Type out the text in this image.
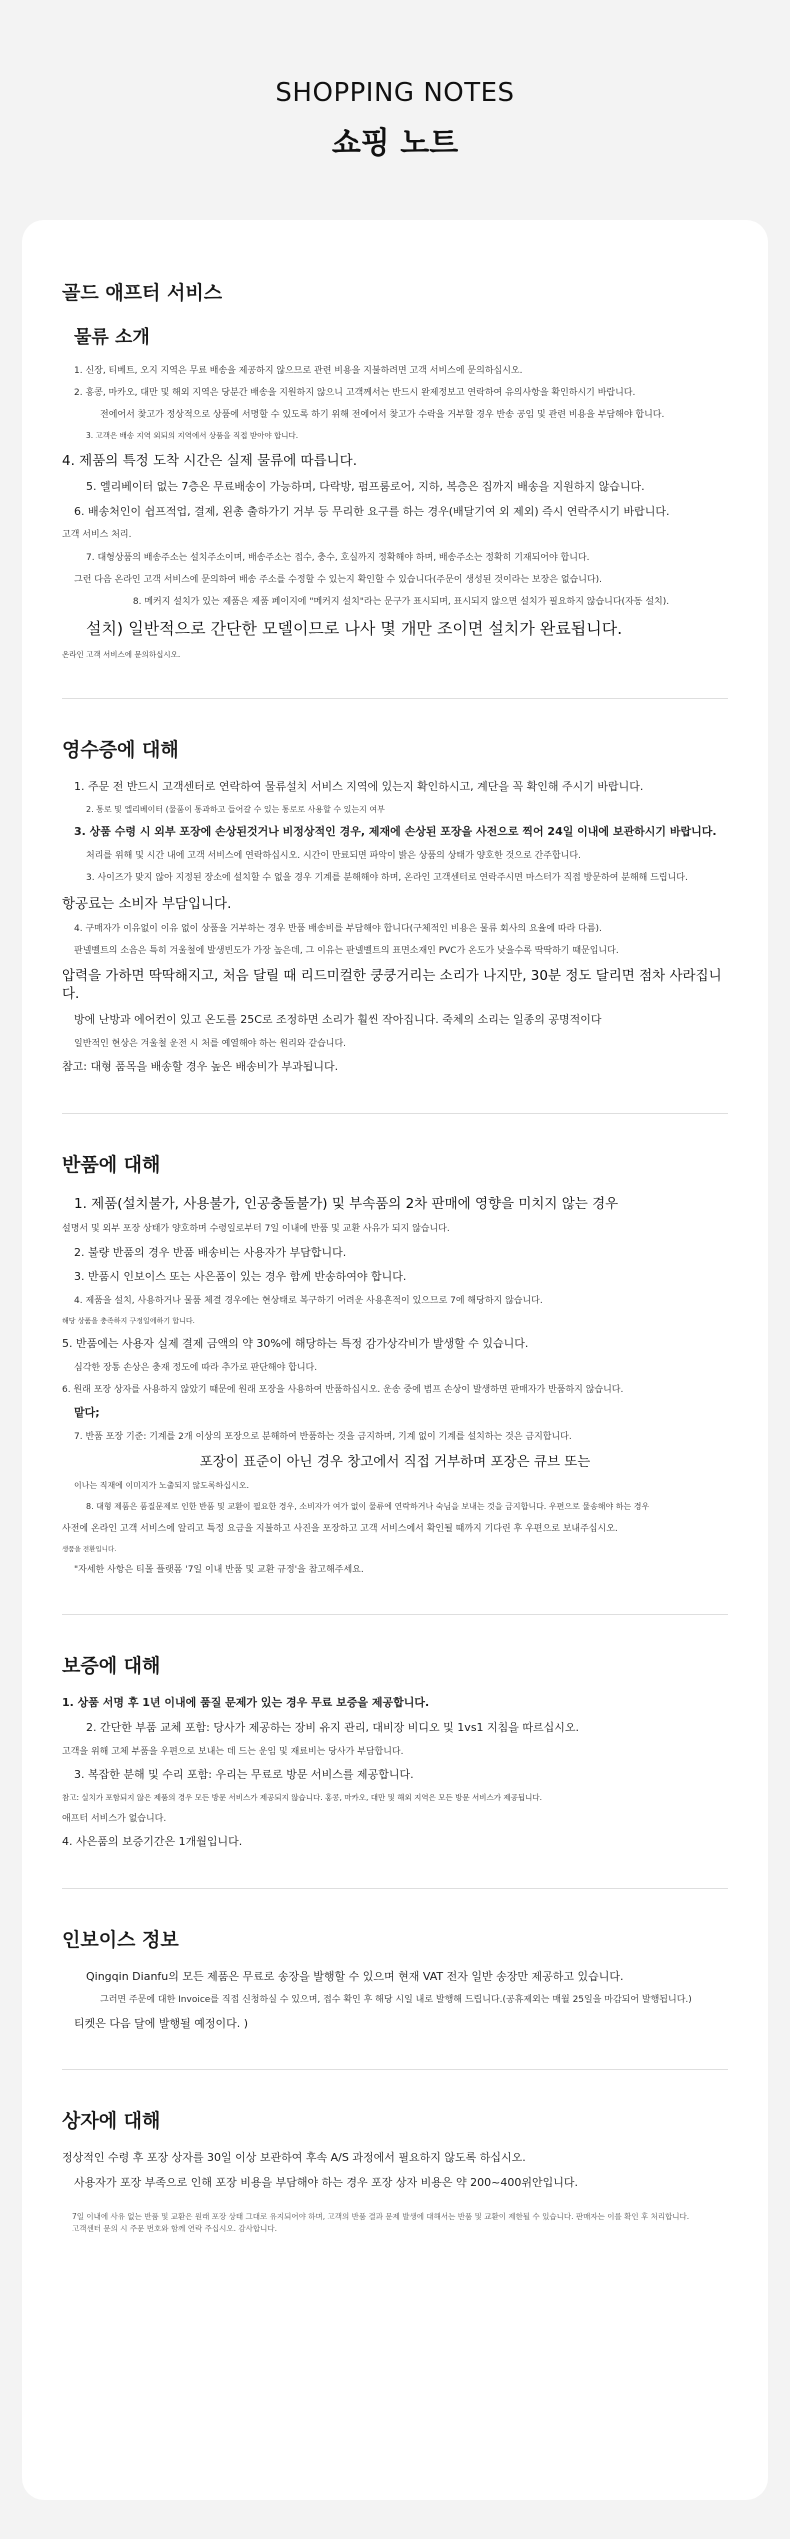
SHOPPING NOTES
쇼핑 노트
골드 애프터 서비스
물류 소개
1. 신장, 티베트, 오지 지역은 무료 배송을 제공하지 않으므로 관련 비용을 지불하려면 고객 서비스에 문의하십시오.
2. 홍콩, 마카오, 대만 및 해외 지역은 당분간 배송을 지원하지 않으니 고객께서는 반드시 완제정보고 연락하여 유의사항을 확인하시기 바랍니다.
전에어서 찾고가 정상적으로 상품에 서명할 수 있도록 하기 위해 전에어서 찾고가 수락을 거부할 경우 반송 공임 및 관련 비용을 부담해야 합니다.
3. 고객은 배송 지역 외되의 지역에서 상품을 직접 받아야 합니다.
4. 제품의 특정 도착 시간은 실제 물류에 따릅니다.
5. 엘리베이터 없는 7층은 무료배송이 가능하며, 다락방, 펌프룸로어, 지하, 복층은 집까지 배송을 지원하지 않습니다.
6. 배송처인이 쉽프적업, 결제, 왼총 출하가기 거부 등 무리한 요구를 하는 경우(배달기여 외 제외) 즉시 연락주시기 바랍니다.
고객 서비스 처리.
7. 대형상품의 배송주소는 설치주소이며, 배송주소는 접수, 충수, 호실까지 정확해야 하며, 배송주소는 정확히 기재되어야 합니다.
그런 다음 온라인 고객 서비스에 문의하여 배송 주소를 수정할 수 있는지 확인할 수 있습니다(주문이 생성된 것이라는 보장은 없습니다).
8. 메커지 설치가 있는 제품은 제품 페이지에 "메커지 설치"라는 문구가 표시되며, 표시되지 않으면 설치가 필요하지 않습니다(자동 설치).
설치) 일반적으로 간단한 모델이므로 나사 몇 개만 조이면 설치가 완료됩니다.
온라인 고객 서비스에 문의하십시오.
영수증에 대해
1. 주문 전 반드시 고객센터로 연락하여 물류설치 서비스 지역에 있는지 확인하시고, 계단을 꼭 확인해 주시기 바랍니다.
2. 통로 및 엘리베이터 (물품이 통과하고 들어갈 수 있는 통로로 사용할 수 있는지 여부
3. 상품 수령 시 외부 포장에 손상된것거나 비정상적인 경우, 제재에 손상된 포장을 사전으로 찍어 24일 이내에 보관하시기 바랍니다.
처리를 위해 및 시간 내에 고객 서비스에 연락하십시오. 시간이 만료되면 파악이 밝은 상품의 상태가 양호한 것으로 간주합니다.
3. 사이즈가 맞지 않아 지정된 장소에 설치할 수 없을 경우 기계를 분해해야 하며, 온라인 고객센터로 연락주시면 마스터가 직접 방문하여 분해해 드립니다.
항공료는 소비자 부담입니다.
4. 구매자가 이유없이 이유 없이 상품을 거부하는 경우 반품 배송비를 부담해야 합니다(구체적인 비용은 물류 회사의 요율에 따라 다름).
판넬벨트의 소음은 특히 겨울철에 발생빈도가 가장 높은데, 그 이유는 판넬벨트의 표면소재인 PVC가 온도가 낮을수록 딱딱하기 때문입니다.
압력을 가하면 딱딱해지고, 처음 달릴 때 리드미컬한 쿵쿵거리는 소리가 나지만, 30분 정도 달리면 점차 사라집니다.
방에 난방과 에어컨이 있고 온도를 25C로 조정하면 소리가 훨씬 작아집니다. 죽체의 소리는 일종의 공명적이다
일반적인 현상은 겨울철 운전 시 처를 예열해야 하는 원리와 같습니다.
참고: 대형 품목을 배송할 경우 높은 배송비가 부과됩니다.
반품에 대해
1. 제품(설치불가, 사용불가, 인공충돌불가) 및 부속품의 2차 판매에 영향을 미치지 않는 경우
설명서 및 외부 포장 상태가 양호하며 수령일로부터 7일 이내에 반품 및 교환 사유가 되지 않습니다.
2. 불량 반품의 경우 반품 배송비는 사용자가 부담합니다.
3. 반품시 인보이스 또는 사은품이 있는 경우 함께 반송하여야 합니다.
4. 제품을 설치, 사용하거나 물품 체결 경우에는 현상태로 복구하기 어려운 사용흔적이 있으므로 7에 해당하지 않습니다.
해당 상품을 충족하지 구정일에하기 합니다.
5. 반품에는 사용자 실제 결제 금액의 약 30%에 해당하는 특정 감가상각비가 발생할 수 있습니다.
심각한 장통 손상은 충재 정도에 따라 추가로 판단해야 합니다.
6. 원래 포장 상자를 사용하지 않았기 때문에 원래 포장을 사용하여 반품하십시오. 운송 중에 범프 손상이 발생하면 판매자가 반품하지 않습니다.
맡다;
7. 반품 포장 기준: 기계를 2개 이상의 포장으로 분해하여 반품하는 것을 금지하며, 기계 없이 기계를 설치하는 것은 금지합니다.
포장이 표준이 아닌 경우 창고에서 직접 거부하며 포장은 큐브 또는
이나는 직재에 이미지가 노출되지 않도록하십시오.
8. 대형 제품은 품질문제로 인한 반품 및 교환이 필요한 경우, 소비자가 여가 없이 물류에 연락하거나 숙님을 보내는 것을 금지합니다. 우편으로 물송해야 하는 경우
사전에 온라인 고객 서비스에 알리고 특정 요금을 지불하고 사진을 포장하고 고객 서비스에서 확인될 때까지 기다린 후 우편으로 보내주십시오.
생품을 전환입니다.
"자세한 사항은 티몰 플랫폼 '7일 이내 반품 및 교환 규정'을 참고해주세요.
보증에 대해
1. 상품 서명 후 1년 이내에 품질 문제가 있는 경우 무료 보증을 제공합니다.
2. 간단한 부품 교체 포함: 당사가 제공하는 장비 유지 관리, 대비장 비디오 및 1vs1 지침을 따르십시오.
고객을 위해 고체 부품을 우편으로 보내는 데 드는 운임 및 재료비는 당사가 부담합니다.
3. 복잡한 분해 및 수리 포함: 우리는 무료로 방문 서비스를 제공합니다.
참고: 실치가 포함되지 않은 제품의 경우 모든 방문 서비스가 제공되지 않습니다. 홍콩, 마카오, 대만 및 해외 지역은 모든 방문 서비스가 제공됩니다.
애프터 서비스가 없습니다.
4. 사은품의 보증기간은 1개월입니다.
인보이스 정보
Qingqin Dianfu의 모든 제품은 무료로 송장을 발행할 수 있으며 현재 VAT 전자 일반 송장만 제공하고 있습니다.
그러면 주문에 대한 Invoice를 직접 신청하실 수 있으며, 접수 확인 후 해당 시일 내로 발행해 드립니다.(공휴제외는 매월 25일을 마감되어 발행됩니다.)
티켓은 다음 달에 발행될 예정이다. )
상자에 대해
정상적인 수령 후 포장 상자를 30일 이상 보관하여 후속 A/S 과정에서 필요하지 않도록 하십시오.
사용자가 포장 부족으로 인해 포장 비용을 부담해야 하는 경우 포장 상자 비용은 약 200~400위안입니다.
7일 이내에 사유 없는 반품 및 교환은 원래 포장 상태 그대로 유지되어야 하며, 고객의 반품 결과 문제 발생에 대해서는 반품 및 교환이 제한될 수 있습니다. 판매자는 이를 확인 후 처리합니다.
고객센터 문의 시 주문 번호와 함께 연락 주십시오. 감사합니다.
